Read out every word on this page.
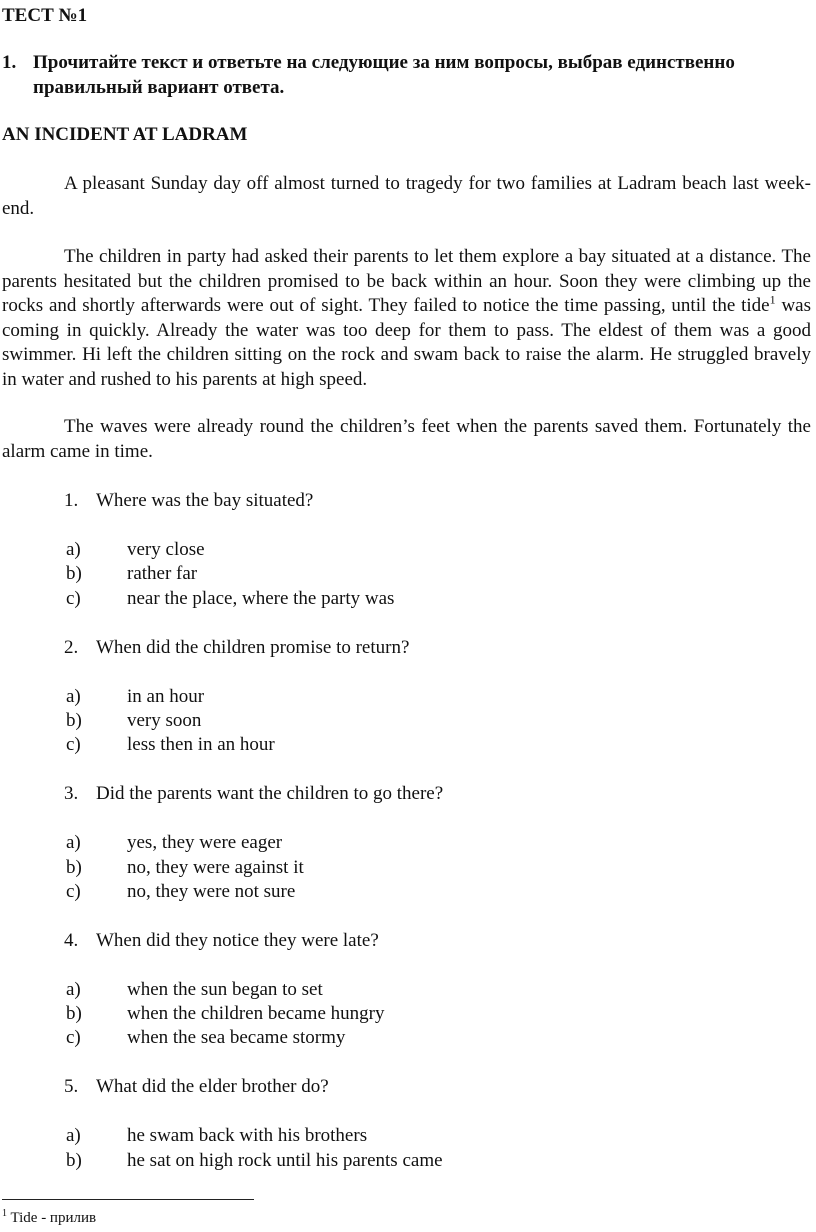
ТЕСТ №1
1. Прочитайте текст и ответьте на следующие за ним вопросы, выбрав единственно правильный вариант ответа.
AN INCIDENT AT LADRAM

A pleasant Sunday day off almost turned to tragedy for two families at Ladram beach last week-end.

The children in party had asked their parents to let them explore a bay situated at a distance. The parents hesitated but the children promised to be back within an hour. Soon they were climbing up the rocks and shortly afterwards were out of sight. They failed to notice the time passing, until the tide$^1$ was coming in quickly. Already the water was too deep for them to pass. The eldest of them was a good swimmer. Hi left the children sitting on the rock and swam back to raise the alarm. He struggled bravely in water and rushed to his parents at high speed.

The waves were already round the children’s feet when the parents saved them. Fortunately the alarm came in time.

1. Where was the bay situated?
a) very close
b) rather far
c) near the place, where the party was
2. When did the children promise to return?
a) in an hour
b) very soon
c) less then in an hour
3. Did the parents want the children to go there?
a) yes, they were eager
b) no, they were against it
c) no, they were not sure
4. When did they notice they were late?
a) when the sun began to set
b) when the children became hungry
c) when the sea became stormy
5. What did the elder brother do?
a) he swam back with his brothers
b) he sat on high rock until his parents came
$^1$ Tide - прилив
